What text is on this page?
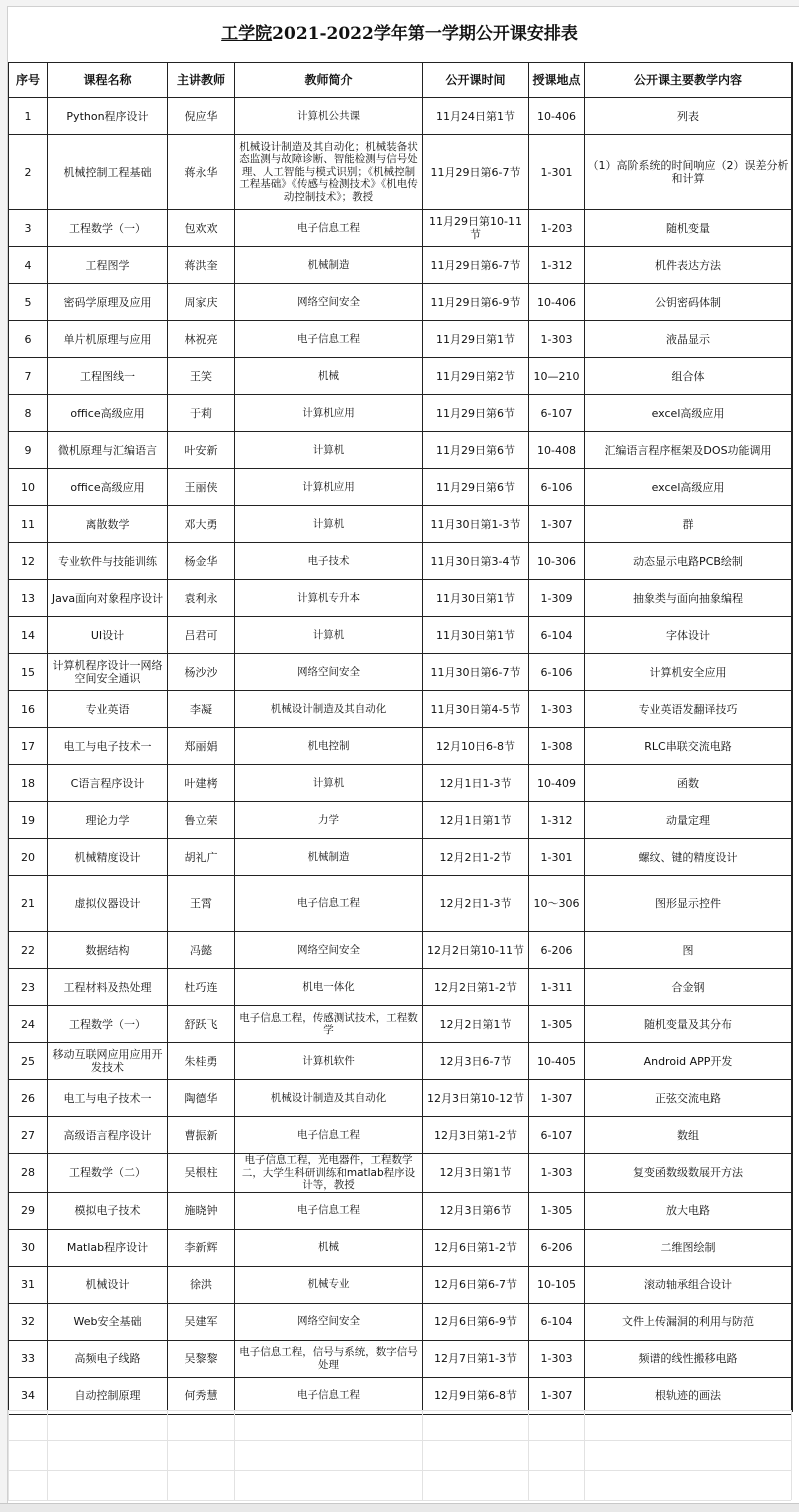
工学院2021-2022学年第一学期公开课安排表
序号	课程名称	主讲教师	教师简介	公开课时间	授课地点	公开课主要教学内容
1	Python程序设计	倪应华	计算机公共课	11月24日第1节	10-406	列表
2	机械控制工程基础	蒋永华	机械设计制造及其自动化；机械装备状态监测与故障诊断、智能检测与信号处理、人工智能与模式识别；《机械控制工程基础》《传感与检测技术》《机电传动控制技术》；教授	11月29日第6-7节	1-301	（1）高阶系统的时间响应（2）误差分析和计算
3	工程数学（一）	包欢欢	电子信息工程	11月29日第10-11节	1-203	随机变量
4	工程图学	蒋洪奎	机械制造	11月29日第6-7节	1-312	机件表达方法
5	密码学原理及应用	周家庆	网络空间安全	11月29日第6-9节	10-406	公钥密码体制
6	单片机原理与应用	林祝亮	电子信息工程	11月29日第1节	1-303	液晶显示
7	工程图线一	王笑	机械	11月29日第2节	10—210	组合体
8	office高级应用	于莉	计算机应用	11月29日第6节	6-107	excel高级应用
9	微机原理与汇编语言	叶安新	计算机	11月29日第6节	10-408	汇编语言程序框架及DOS功能调用
10	office高级应用	王丽侠	计算机应用	11月29日第6节	6-106	excel高级应用
11	离散数学	邓大勇	计算机	11月30日第1-3节	1-307	群
12	专业软件与技能训练	杨金华	电子技术	11月30日第3-4节	10-306	动态显示电路PCB绘制
13	Java面向对象程序设计	袁利永	计算机专升本	11月30日第1节	1-309	抽象类与面向抽象编程
14	UI设计	吕君可	计算机	11月30日第1节	6-104	字体设计
15	计算机程序设计一网络空间安全通识	杨沙沙	网络空间安全	11月30日第6-7节	6-106	计算机安全应用
16	专业英语	李凝	机械设计制造及其自动化	11月30日第4-5节	1-303	专业英语发翻译技巧
17	电工与电子技术一	郑丽娟	机电控制	12月10日6-8节	1-308	RLC串联交流电路
18	C语言程序设计	叶建栲	计算机	12月1日1-3节	10-409	函数
19	理论力学	鲁立荣	力学	12月1日第1节	1-312	动量定理
20	机械精度设计	胡礼广	机械制造	12月2日1-2节	1-301	螺纹、键的精度设计
21	虚拟仪器设计	王霄	电子信息工程	12月2日1-3节	10～306	图形显示控件
22	数据结构	冯懿	网络空间安全	12月2日第10-11节	6-206	图
23	工程材料及热处理	杜巧连	机电一体化	12月2日第1-2节	1-311	合金钢
24	工程数学（一）	舒跃飞	电子信息工程，传感测试技术，工程数学	12月2日第1节	1-305	随机变量及其分布
25	移动互联网应用应用开发技术	朱桂勇	计算机软件	12月3日6-7节	10-405	Android APP开发
26	电工与电子技术一	陶德华	机械设计制造及其自动化	12月3日第10-12节	1-307	正弦交流电路
27	高级语言程序设计	曹振新	电子信息工程	12月3日第1-2节	6-107	数组
28	工程数学（二）	吴根柱	电子信息工程，光电器件，工程数学二，大学生科研训练和matlab程序设计等，教授	12月3日第1节	1-303	复变函数级数展开方法
29	模拟电子技术	施晓钟	电子信息工程	12月3日第6节	1-305	放大电路
30	Matlab程序设计	李新辉	机械	12月6日第1-2节	6-206	二维图绘制
31	机械设计	徐洪	机械专业	12月6日第6-7节	10-105	滚动轴承组合设计
32	Web安全基础	吴建军	网络空间安全	12月6日第6-9节	6-104	文件上传漏洞的利用与防范
33	高频电子线路	吴黎黎	电子信息工程，信号与系统，数字信号处理	12月7日第1-3节	1-303	频谱的线性搬移电路
34	自动控制原理	何秀慧	电子信息工程	12月9日第6-8节	1-307	根轨迹的画法
